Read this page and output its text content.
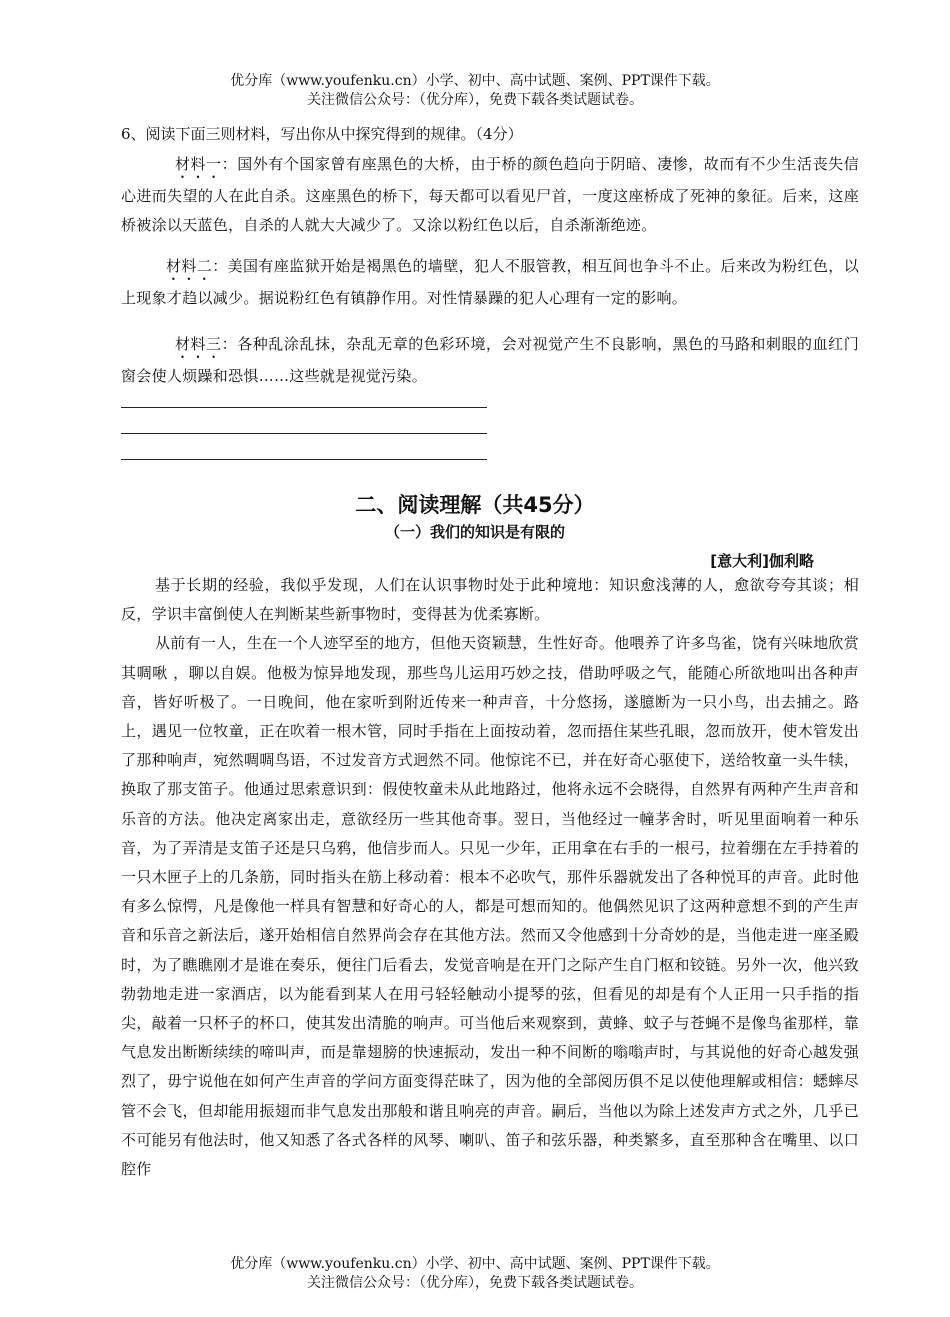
优分库（www.youfenku.cn）小学、初中、高中试题、案例、PPT课件下载。
关注微信公众号：（优分库），免费下载各类试题试卷。
6、阅读下面三则材料，写出你从中探究得到的规律。（4分）
材料一：国外有个国家曾有座黑色的大桥，由于桥的颜色趋向于阴暗、凄惨，故而有不少生活丧失信心进而失望的人在此自杀。这座黑色的桥下，每天都可以看见尸首，一度这座桥成了死神的象征。后来，这座桥被涂以天蓝色，自杀的人就大大减少了。又涂以粉红色以后，自杀渐渐绝迹。
材料二：美国有座监狱开始是褐黑色的墙壁，犯人不服管教，相互间也争斗不止。后来改为粉红色，以上现象才趋以减少。据说粉红色有镇静作用。对性情暴躁的犯人心理有一定的影响。
材料三：各种乱涂乱抹，杂乱无章的色彩环境，会对视觉产生不良影响，黑色的马路和刺眼的血红门窗会使人烦躁和恐惧……这些就是视觉污染。
二、阅读理解（共45分）
（一）我们的知识是有限的
[意大利]伽利略

基于长期的经验，我似乎发现，人们在认识事物时处于此种境地：知识愈浅薄的人，愈欲夸夸其谈；相反，学识丰富倒使人在判断某些新事物时，变得甚为优柔寡断。

从前有一人，生在一个人迹罕至的地方，但他天资颖慧，生性好奇。他喂养了许多鸟雀，饶有兴味地欣赏其啁啾 ，聊以自娱。他极为惊异地发现，那些鸟儿运用巧妙之技，借助呼吸之气，能随心所欲地叫出各种声音，皆好听极了。一日晚间，他在家听到附近传来一种声音，十分悠扬，遂臆断为一只小鸟，出去捕之。路上，遇见一位牧童，正在吹着一根木管，同时手指在上面按动着，忽而捂住某些孔眼，忽而放开，使木管发出了那种响声，宛然啁啁鸟语，不过发音方式迥然不同。他惊诧不已，并在好奇心驱使下，送给牧童一头牛犊，换取了那支笛子。他通过思索意识到：假使牧童未从此地路过，他将永远不会晓得，自然界有两种产生声音和乐音的方法。他决定离家出走，意欲经历一些其他奇事。翌日，当他经过一幢茅舍时，听见里面响着一种乐音，为了弄清是支笛子还是只乌鸦，他信步而人。只见一少年，正用拿在右手的一根弓，拉着绷在左手持着的一只木匣子上的几条筋，同时指头在筋上移动着：根本不必吹气，那件乐器就发出了各种悦耳的声音。此时他有多么惊愕，凡是像他一样具有智慧和好奇心的人，都是可想而知的。他偶然见识了这两种意想不到的产生声音和乐音之新法后，遂开始相信自然界尚会存在其他方法。然而又令他感到十分奇妙的是，当他走进一座圣殿时，为了瞧瞧刚才是谁在奏乐，便往门后看去，发觉音响是在开门之际产生自门枢和铰链。另外一次，他兴致勃勃地走进一家酒店，以为能看到某人在用弓轻轻触动小提琴的弦，但看见的却是有个人正用一只手指的指尖，敲着一只杯子的杯口，使其发出清脆的响声。可当他后来观察到，黄蜂、蚊子与苍蝇不是像鸟雀那样，靠气息发出断断续续的啼叫声，而是靠翅膀的快速振动，发出一种不间断的嗡嗡声时，与其说他的好奇心越发强烈了，毋宁说他在如何产生声音的学问方面变得茫昧了，因为他的全部阅历俱不足以使他理解或相信：蟋蟀尽管不会飞，但却能用振翅而非气息发出那般和谐且响亮的声音。嗣后，当他以为除上述发声方式之外，几乎已不可能另有他法时，他又知悉了各式各样的风琴、喇叭、笛子和弦乐器，种类繁多，直至那种含在嘴里、以口腔作

优分库（www.youfenku.cn）小学、初中、高中试题、案例、PPT课件下载。
关注微信公众号：（优分库），免费下载各类试题试卷。
